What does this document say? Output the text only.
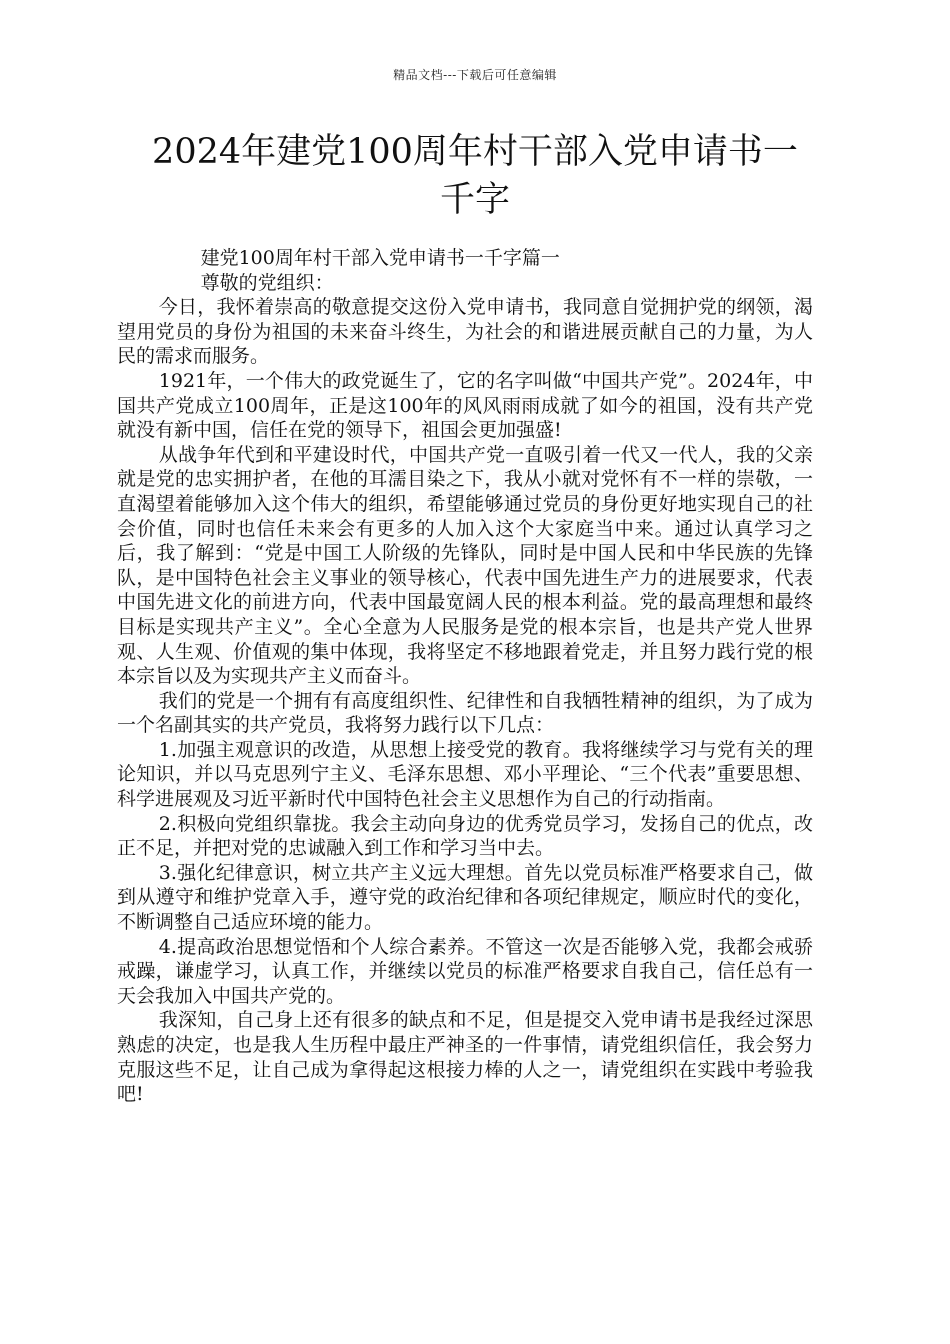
精品文档---下载后可任意编辑
2024年建党100周年村干部入党申请书一千字

建党100周年村干部入党申请书一千字篇一

尊敬的党组织：

今日，我怀着崇高的敬意提交这份入党申请书，我同意自觉拥护党的纲领，渴望用党员的身份为祖国的未来奋斗终生，为社会的和谐进展贡献自己的力量，为人民的需求而服务。

1921年，一个伟大的政党诞生了，它的名字叫做“中国共产党”。2024年，中国共产党成立100周年，正是这100年的风风雨雨成就了如今的祖国，没有共产党就没有新中国，信任在党的领导下，祖国会更加强盛!

从战争年代到和平建设时代，中国共产党一直吸引着一代又一代人，我的父亲就是党的忠实拥护者，在他的耳濡目染之下，我从小就对党怀有不一样的崇敬，一直渴望着能够加入这个伟大的组织，希望能够通过党员的身份更好地实现自己的社会价值，同时也信任未来会有更多的人加入这个大家庭当中来。通过认真学习之后，我了解到：“党是中国工人阶级的先锋队，同时是中国人民和中华民族的先锋队，是中国特色社会主义事业的领导核心，代表中国先进生产力的进展要求，代表中国先进文化的前进方向，代表中国最宽阔人民的根本利益。党的最高理想和最终目标是实现共产主义”。全心全意为人民服务是党的根本宗旨，也是共产党人世界观、人生观、价值观的集中体现，我将坚定不移地跟着党走，并且努力践行党的根本宗旨以及为实现共产主义而奋斗。

我们的党是一个拥有有高度组织性、纪律性和自我牺牲精神的组织，为了成为一个名副其实的共产党员，我将努力践行以下几点：

1.加强主观意识的改造，从思想上接受党的教育。我将继续学习与党有关的理论知识，并以马克思列宁主义、毛泽东思想、邓小平理论、“三个代表”重要思想、科学进展观及习近平新时代中国特色社会主义思想作为自己的行动指南。

2.积极向党组织靠拢。我会主动向身边的优秀党员学习，发扬自己的优点，改正不足，并把对党的忠诚融入到工作和学习当中去。

3.强化纪律意识，树立共产主义远大理想。首先以党员标准严格要求自己，做到从遵守和维护党章入手，遵守党的政治纪律和各项纪律规定，顺应时代的变化，不断调整自己适应环境的能力。

4.提高政治思想觉悟和个人综合素养。不管这一次是否能够入党，我都会戒骄戒躁，谦虚学习，认真工作，并继续以党员的标准严格要求自我自己，信任总有一天会我加入中国共产党的。

我深知，自己身上还有很多的缺点和不足，但是提交入党申请书是我经过深思熟虑的决定，也是我人生历程中最庄严神圣的一件事情，请党组织信任，我会努力克服这些不足，让自己成为拿得起这根接力棒的人之一，请党组织在实践中考验我吧!
